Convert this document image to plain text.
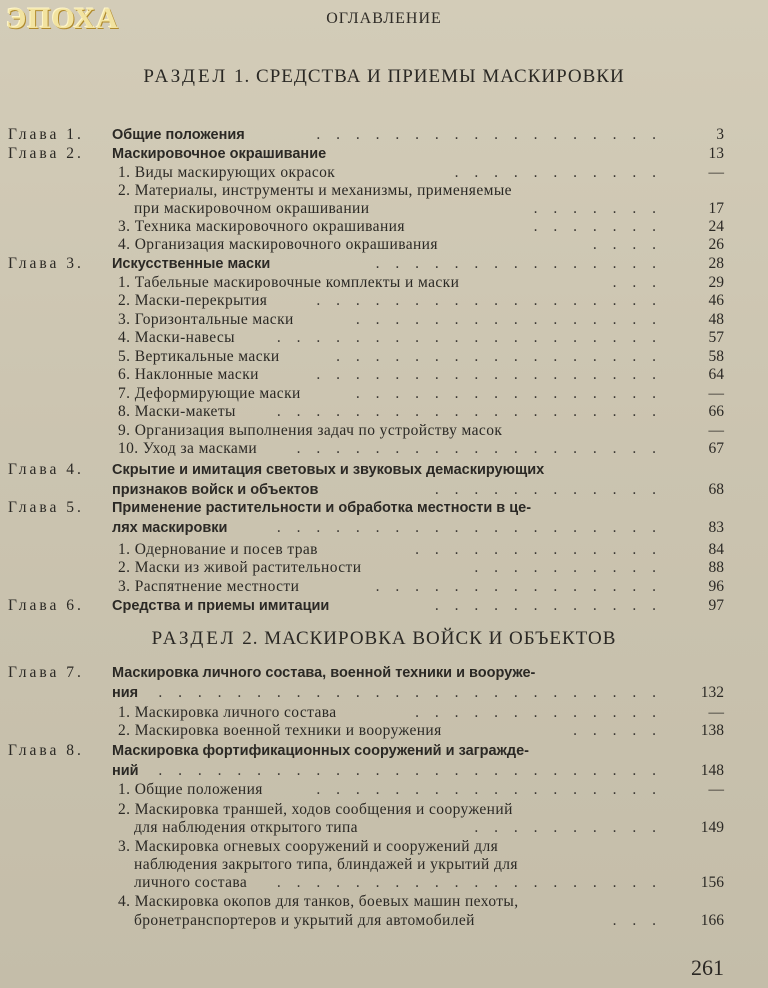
ЭПОХА	ОГЛАВЛЕНИЕ
РАЗДЕЛ 1. СРЕДСТВА И ПРИЕМЫ МАСКИРОВКИ
РАЗДЕЛ 2. МАСКИРОВКА ВОЙСК И ОБЪЕКТОВ
Глава 1. Общие положения	. . . . . . . . . . . . . . . . . .	3
Глава 2. Маскировочное окрашивание	13
1. Виды маскирующих окрасок	. . . . . . . . . . .	—
2. Материалы, инструменты и механизмы, применяемые
при маскировочном окрашивании	. . . . . . .	17
3. Техника маскировочного окрашивания	. . . . . . .	24
4. Организация маскировочного окрашивания	. . . .	26
Глава 3. Искусственные маски	. . . . . . . . . . . . . . .	28
1. Табельные маскировочные комплекты и маски	. . .	29
2. Маски-перекрытия	. . . . . . . . . . . . . . . . . .	46
3. Горизонтальные маски	. . . . . . . . . . . . . . . .	48
4. Маски-навесы	. . . . . . . . . . . . . . . . . . . .	57
5. Вертикальные маски	. . . . . . . . . . . . . . . . .	58
6. Наклонные маски	. . . . . . . . . . . . . . . . . .	64
7. Деформирующие маски	. . . . . . . . . . . . . . . .	—
8. Маски-макеты	. . . . . . . . . . . . . . . . . . . .	66
9. Организация выполнения задач по устройству масок	—
10. Уход за масками	. . . . . . . . . . . . . . . . . . .	67
Глава 4. Скрытие и имитация световых и звуковых демаскирующих
признаков войск и объектов	. . . . . . . . . . . .	68
Глава 5. Применение растительности и обработка местности в це-
лях маскировки	. . . . . . . . . . . . . . . . . . . .	83
1. Одернование и посев трав	. . . . . . . . . . . . .	84
2. Маски из живой растительности	. . . . . . . . . .	88
3. Распятнение местности	. . . . . . . . . . . . . . .	96
Глава 6. Средства и приемы имитации	. . . . . . . . . . . .	97
Глава 7. Маскировка личного состава, военной техники и вооруже-
ния . . . . . . . . . . . . . . . . . . . . . . . . . .	132
1. Маскировка личного состава	. . . . . . . . . . . . .	—
2. Маскировка военной техники и вооружения	. . . . .	138
Глава 8. Маскировка фортификационных сооружений и загражде-
ний . . . . . . . . . . . . . . . . . . . . . . . . . .	148
1. Общие положения	. . . . . . . . . . . . . . . . . .	—
2. Маскировка траншей, ходов сообщения и сооружений
для наблюдения открытого типа	. . . . . . . . . .	149
3. Маскировка огневых сооружений и сооружений для
наблюдения закрытого типа, блиндажей и укрытий для
личного состава . . . . . . . . . . . . . . . . . . . .	156
4. Маскировка окопов для танков, боевых машин пехоты,
бронетранспортеров и укрытий для автомобилей	. . .	166
261
